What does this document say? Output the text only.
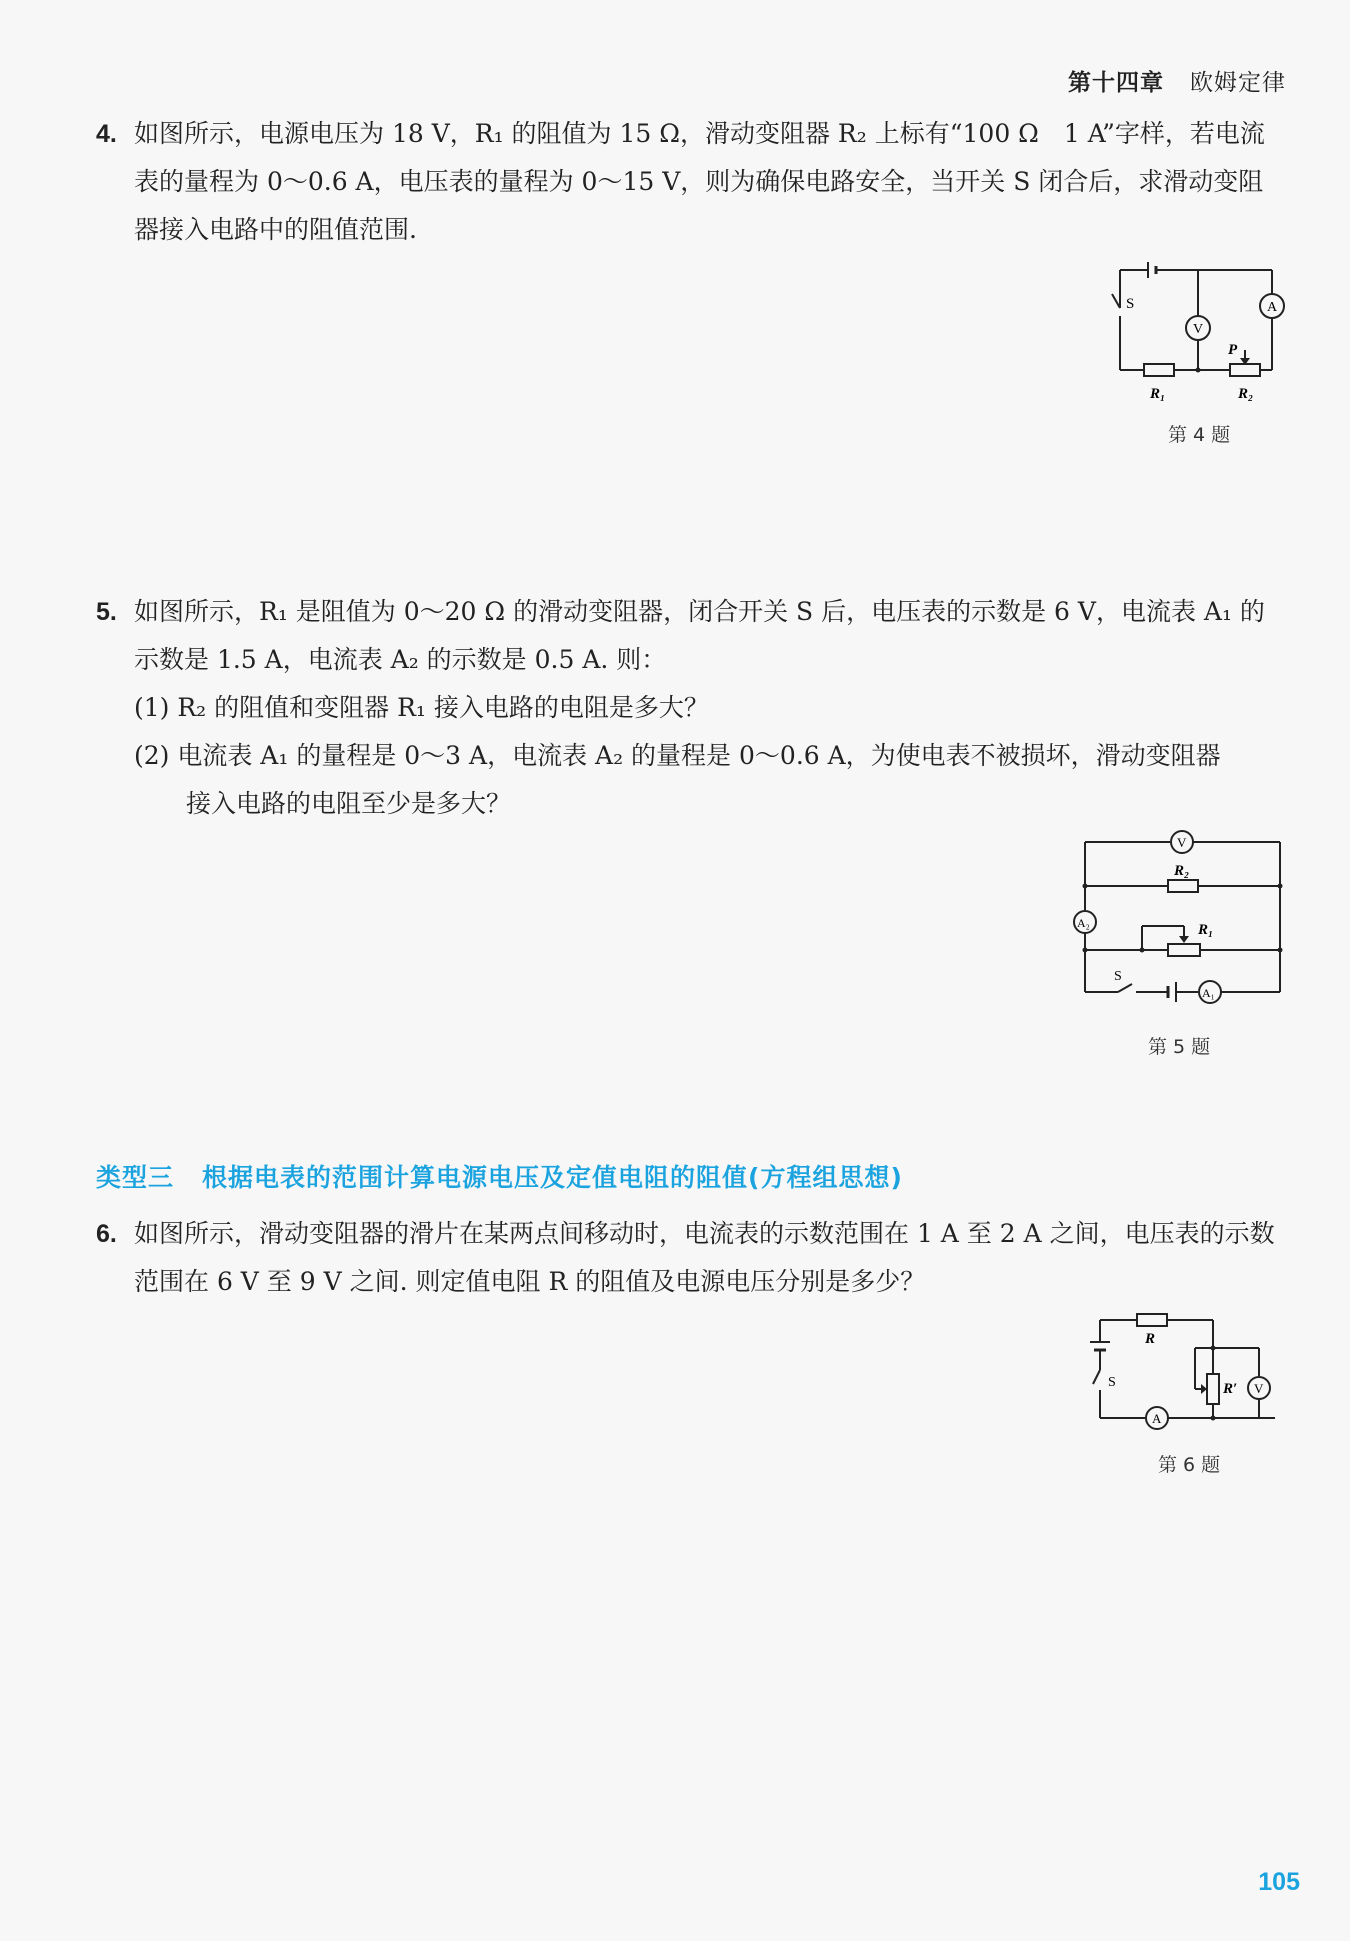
第十四章 欧姆定律
4. 如图所示，电源电压为 18 V，R₁ 的阻值为 15 Ω，滑动变阻器 R₂ 上标有“100 Ω　1 A”字样，若电流表的量程为 0～0.6 A，电压表的量程为 0～15 V，则为确保电路安全，当开关 S 闭合后，求滑动变阻器接入电路中的阻值范围.
S
V
A
P
R₁	R₂
第 4 题
5. 如图所示，R₁ 是阻值为 0～20 Ω 的滑动变阻器，闭合开关 S 后，电压表的示数是 6 V，电流表 A₁ 的示数是 1.5 A，电流表 A₂ 的示数是 0.5 A. 则：
(1) R₂ 的阻值和变阻器 R₁ 接入电路的电阻是多大？
(2) 电流表 A₁ 的量程是 0～3 A，电流表 A₂ 的量程是 0～0.6 A，为使电表不被损坏，滑动变阻器
接入电路的电阻至少是多大？
V
R₂
A₂	R₁
S
A₁
第 5 题
类型三 根据电表的范围计算电源电压及定值电阻的阻值(方程组思想)
6. 如图所示，滑动变阻器的滑片在某两点间移动时，电流表的示数范围在 1 A 至 2 A 之间，电压表的示数范围在 6 V 至 9 V 之间. 则定值电阻 R 的阻值及电源电压分别是多少？
R
R′ V
S
A
第 6 题
105
